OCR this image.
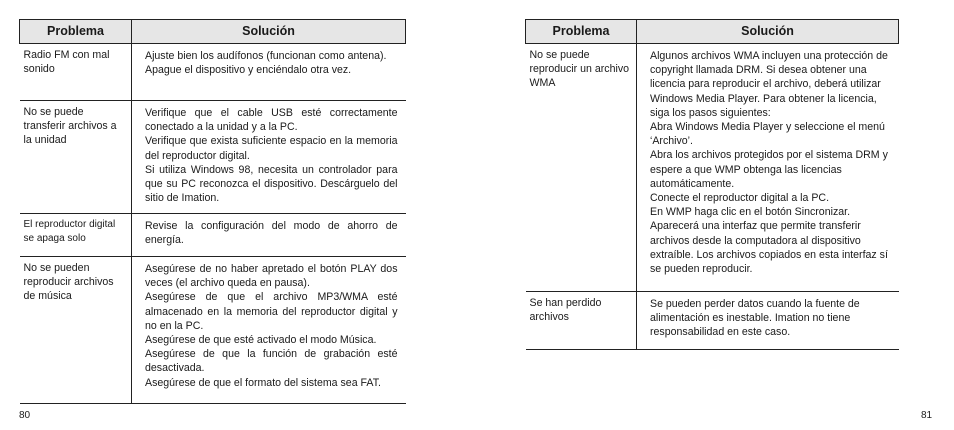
Problema	Solución
Radio FM con mal sonido	Ajuste bien los audífonos (funcionan como antena).

Apague el dispositivo y enciéndalo otra vez.

No se puede transferir archivos a la unidad	Verifique que el cable USB esté correctamente conectado a la unidad y a la PC.

Verifique que exista suficiente espacio en la memoria del reproductor digital.

Si utiliza Windows 98, necesita un controlador para que su PC reconozca el dispositivo. Descárguelo del sitio de Imation.

El reproductor digital se apaga solo	Revise la configuración del modo de ahorro de energía.

No se pueden reproducir archivos de música	Asegúrese de no haber apretado el botón PLAY dos veces (el archivo queda en pausa).

Asegúrese de que el archivo MP3/WMA esté almacenado en la memoria del reproductor digital y no en la PC.

Asegúrese de que esté activado el modo Música.

Asegúrese de que la función de grabación esté desactivada.

Asegúrese de que el formato del sistema sea FAT.

80
Problema	Solución
No se puede reproducir un archivo WMA	Algunos archivos WMA incluyen una protección de copyright llamada DRM. Si desea obtener una licencia para reproducir el archivo, deberá utilizar Windows Media Player. Para obtener la licencia, siga los pasos siguientes:

Abra Windows Media Player y seleccione el menú ‘Archivo’.

Abra los archivos protegidos por el sistema DRM y espere a que WMP obtenga las licencias automáticamente.

Conecte el reproductor digital a la PC.

En WMP haga clic en el botón Sincronizar. Aparecerá una interfaz que permite transferir archivos desde la computadora al dispositivo extraíble. Los archivos copiados en esta interfaz sí se pueden reproducir.

Se han perdido archivos	Se pueden perder datos cuando la fuente de alimentación es inestable. Imation no tiene responsabilidad en este caso.

81
